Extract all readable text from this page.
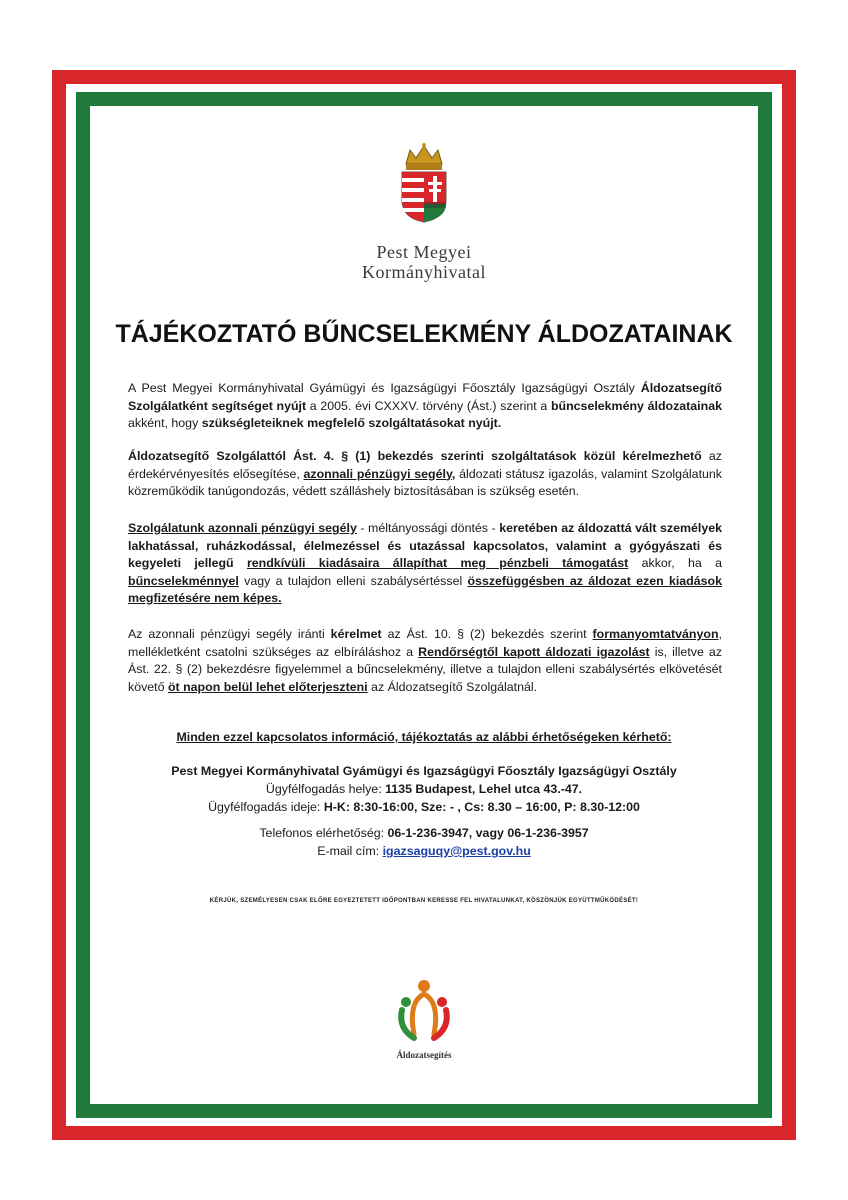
Pest Megyei
Kormányhivatal
TÁJÉKOZTATÓ BŰNCSELEKMÉNY ÁLDOZATAINAK
A Pest Megyei Kormányhivatal Gyámügyi és Igazságügyi Főosztály Igazságügyi Osztály Áldozatsegítő Szolgálatként segítséget nyújt a 2005. évi CXXXV. törvény (Ást.) szerint a bűncselekmény áldozatainak akként, hogy szükségleteiknek megfelelő szolgáltatásokat nyújt.
Áldozatsegítő Szolgálattól Ást. 4. § (1) bekezdés szerinti szolgáltatások közül kérelmezhető az érdekérvényesítés elősegítése, azonnali pénzügyi segély, áldozati státusz igazolás, valamint Szolgálatunk közreműködik tanúgondozás, védett szálláshely biztosításában is szükség esetén.
Szolgálatunk azonnali pénzügyi segély - méltányossági döntés - keretében az áldozattá vált személyek lakhatással, ruházkodással, élelmezéssel és utazással kapcsolatos, valamint a gyógyászati és kegyeleti jellegű rendkívüli kiadásaira állapíthat meg pénzbeli támogatást akkor, ha a bűncselekménnyel vagy a tulajdon elleni szabálysértéssel összefüggésben az áldozat ezen kiadások megfizetésére nem képes.
Az azonnali pénzügyi segély iránti kérelmet az Ást. 10. § (2) bekezdés szerint formanyomtatványon, mellékletként csatolni szükséges az elbíráláshoz a Rendőrségtől kapott áldozati igazolást is, illetve az Ást. 22. § (2) bekezdésre figyelemmel a bűncselekmény, illetve a tulajdon elleni szabálysértés elkövetését követő öt napon belül lehet előterjeszteni az Áldozatsegítő Szolgálatnál.
Minden ezzel kapcsolatos információ, tájékoztatás az alábbi érhetőségeken kérhető:
Pest Megyei Kormányhivatal Gyámügyi és Igazságügyi Főosztály Igazságügyi Osztály
Ügyfélfogadás helye: 1135 Budapest, Lehel utca 43.-47.
Ügyfélfogadás ideje: H-K: 8:30-16:00, Sze: - , Cs: 8.30 – 16:00, P: 8.30-12:00
Telefonos elérhetőség: 06-1-236-3947, vagy 06-1-236-3957
E-mail cím: igazsaguqy@pest.gov.hu
KÉRJÜK, SZEMÉLYESEN CSAK ELŐRE EGYEZTETETT IDŐPONTBAN KERESSE FEL HIVATALUNKAT, KÖSZÖNJÜK EGYÜTTMŰKÖDÉSÉT!
Áldozatsegítés
